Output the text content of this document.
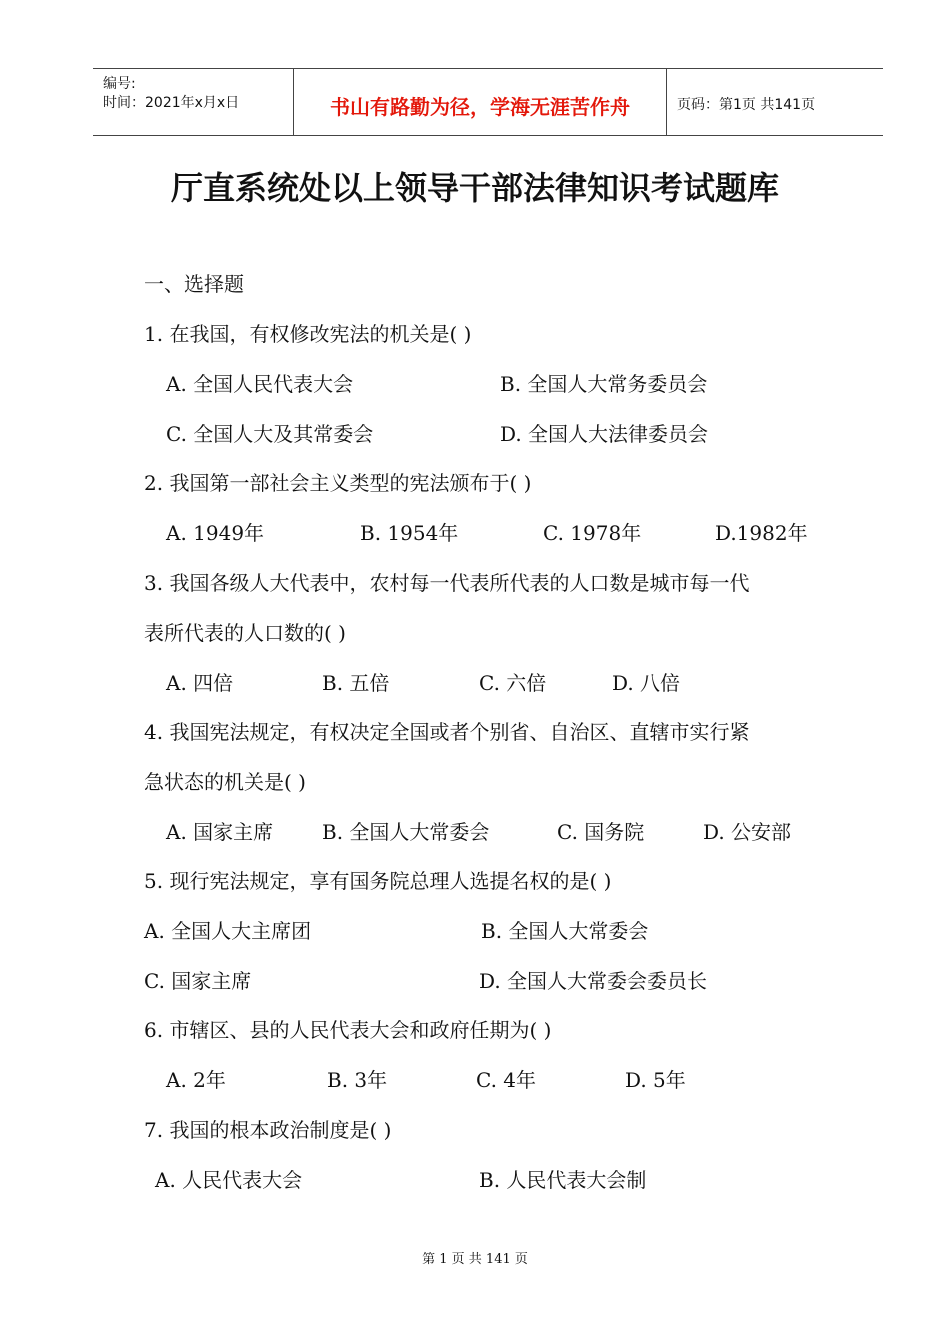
编号:
时间：2021年x月x日	书山有路勤为径，学海无涯苦作舟	页码：第1页 共141页
厅直系统处以上领导干部法律知识考试题库
一、选择题
1. 在我国，有权修改宪法的机关是( )
A. 全国人民代表大会	B. 全国人大常务委员会
C. 全国人大及其常委会	D. 全国人大法律委员会
2. 我国第一部社会主义类型的宪法颁布于( )
A. 1949年	B. 1954年	C. 1978年	D.1982年
3. 我国各级人大代表中，农村每一代表所代表的人口数是城市每一代
表所代表的人口数的( )
A. 四倍	B. 五倍	C. 六倍	D. 八倍
4. 我国宪法规定，有权决定全国或者个别省、自治区、直辖市实行紧
急状态的机关是( )
A. 国家主席 B. 全国人大常委会	C. 国务院	D. 公安部
5. 现行宪法规定，享有国务院总理人选提名权的是( )
A. 全国人大主席团	B. 全国人大常委会
C. 国家主席	D. 全国人大常委会委员长
6. 市辖区、县的人民代表大会和政府任期为( )
A. 2年	B. 3年	C. 4年	D. 5年
7. 我国的根本政治制度是( )
A. 人民代表大会	B. 人民代表大会制
第 1 页 共 141 页
